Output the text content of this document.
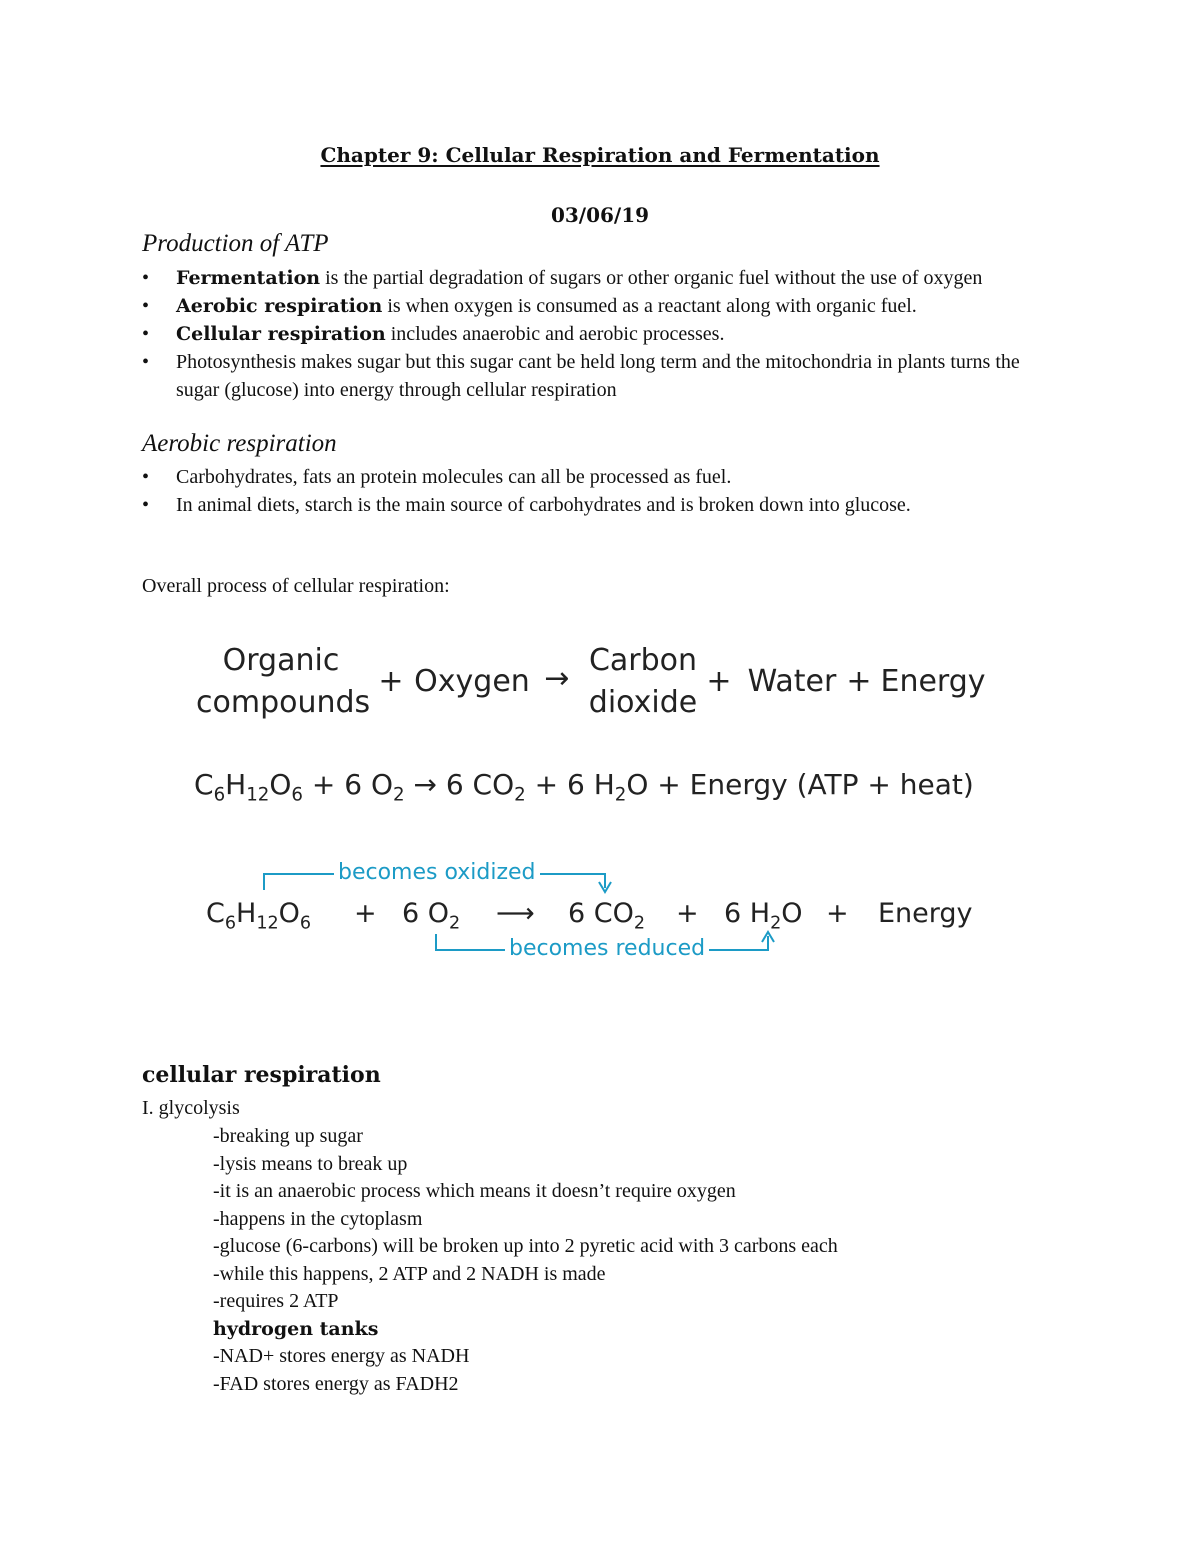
Chapter 9: Cellular Respiration and Fermentation
03/06/19
Production of ATP
• Fermentation is the partial degradation of sugars or other organic fuel without the use of oxygen
• Aerobic respiration is when oxygen is consumed as a reactant along with organic fuel.
• Cellular respiration includes anaerobic and aerobic processes.
• Photosynthesis makes sugar but this sugar cant be held long term and the mitochondria in plants turns the sugar (glucose) into energy through cellular respiration
Aerobic respiration
• Carbohydrates, fats an protein molecules can all be processed as fuel.
• In animal diets, starch is the main source of carbohydrates and is broken down into glucose.
Overall process of cellular respiration:
Organic
compounds
+ Oxygen →
Carbon
dioxide
+ Water + Energy
$C_6H_{12}O_6 + 6$ $O_2 \to 6$ $CO_2 + 6$ $H_2O$ + Energy (ATP + heat)
becomes oxidized
becomes reduced
$C_6H_{12}O_6 + 6$ $O_2$ ⟶ 6 $CO_2 + 6$ $H_2O$ + Energy
cellular respiration
I. glycolysis
-breaking up sugar
-lysis means to break up
-it is an anaerobic process which means it doesn’t require oxygen
-happens in the cytoplasm
-glucose (6-carbons) will be broken up into 2 pyretic acid with 3 carbons each
-while this happens, 2 ATP and 2 NADH is made
-requires 2 ATP
hydrogen tanks
-NAD+ stores energy as NADH
-FAD stores energy as FADH2
